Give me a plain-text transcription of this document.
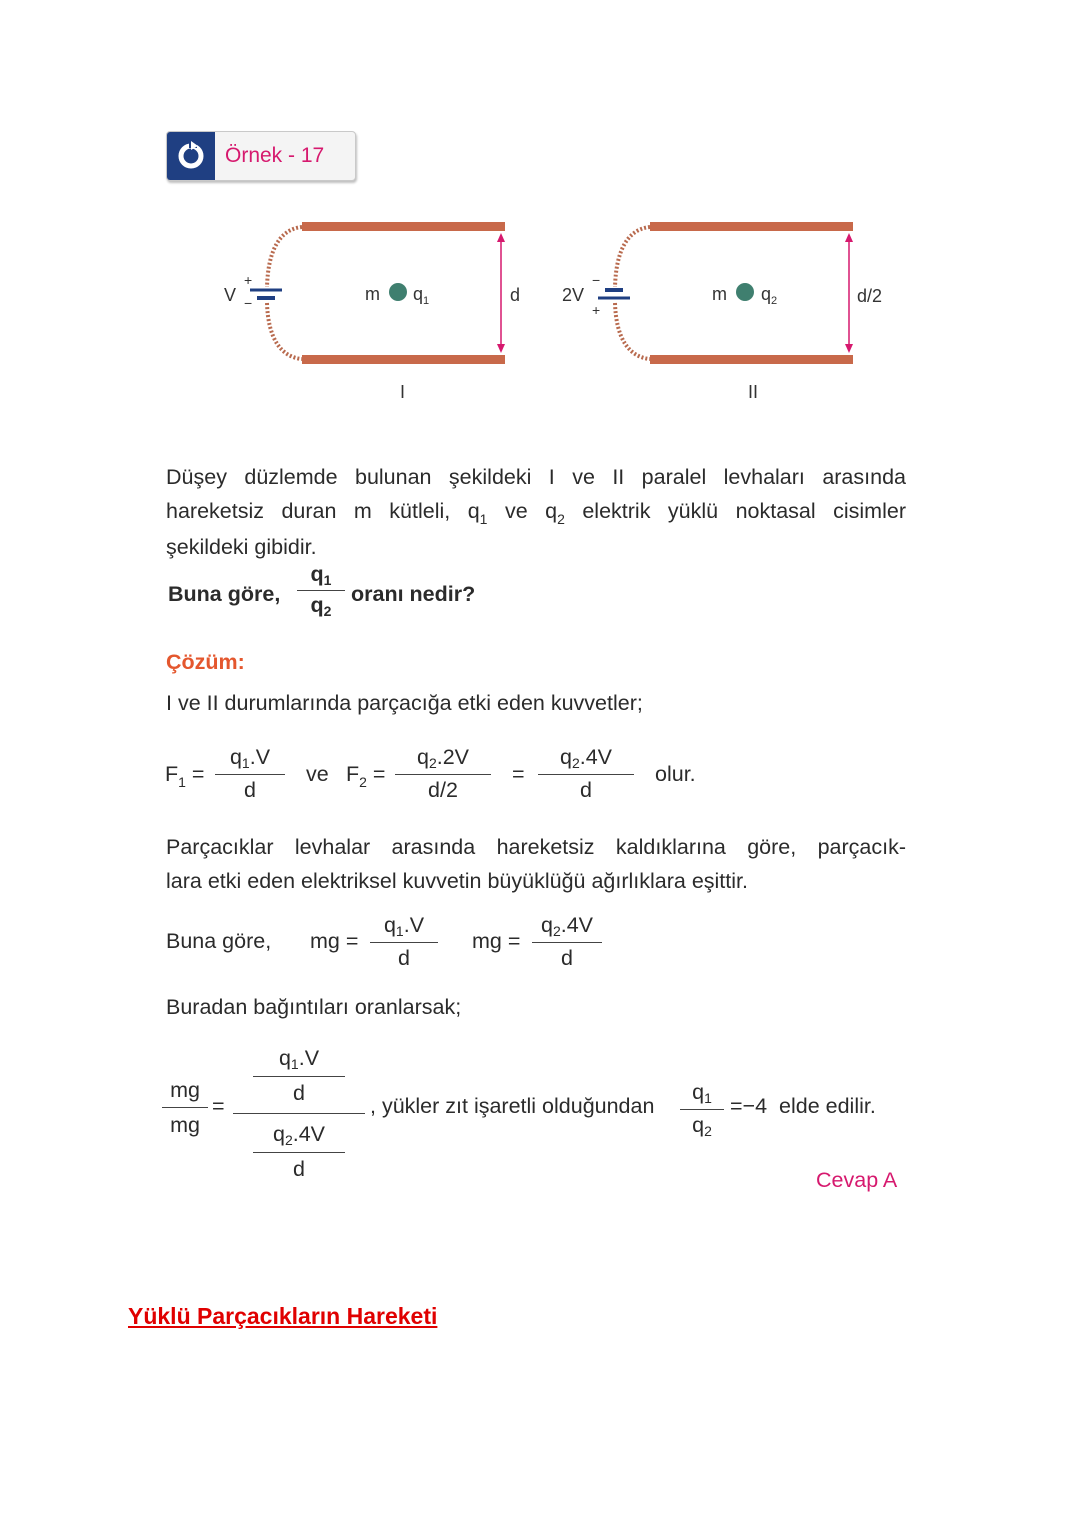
Örnek - 17
+
−
V	m $q_1$	d
I
−
+
2V	m $q_2$	d/2
II
Düşey düzlemde bulunan şekildeki I ve II paralel levhaları arasında
hareketsiz duran m kütleli, $q_1$ ve $q_2$ elektrik yüklü noktasal cisimler
şekildeki gibidir.
Buna göre,
q1
q2
oranı nedir?
Çözüm:
I ve II durumlarında parçacığa etki eden kuvvetler;
$F_1$ =
q1.V
d
ve $F_2$ =
q2.2V
d/2
=
q2.4V
d
olur.
Parçacıklar levhalar arasında hareketsiz kaldıklarına göre, parçacık-
lara etki eden elektriksel kuvvetin büyüklüğü ağırlıklara eşittir.
Buna göre, mg =
q1.V
d
mg =
q2.4V
d
Buradan bağıntıları oranlarsak;
mg
mg
=
q1.V
d
q2.4V
d
, yükler zıt işaretli olduğundan
q1
q2
=−4  elde edilir.
Cevap A
Yüklü Parçacıkların Hareketi
